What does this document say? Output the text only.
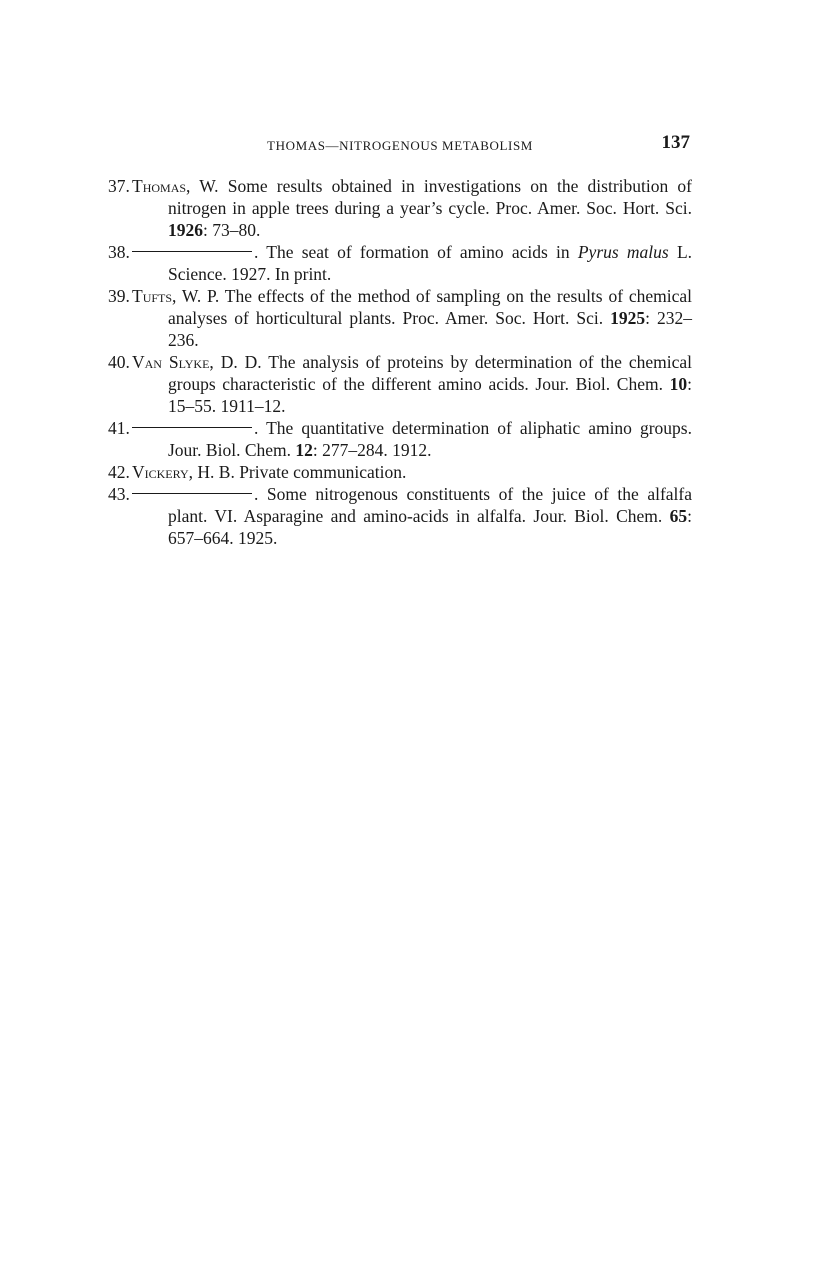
THOMAS—NITROGENOUS METABOLISM	137
37. Thomas, W. Some results obtained in investigations on the distribution of nitrogen in apple trees during a year’s cycle. Proc. Amer. Soc. Hort. Sci. 1926: 73–80.
38.	. The seat of formation of amino acids in Pyrus malus L. Science. 1927. In print.
39. Tufts, W. P. The effects of the method of sampling on the results of chemical analyses of horticultural plants. Proc. Amer. Soc. Hort. Sci. 1925: 232–236.
40. Van Slyke, D. D. The analysis of proteins by determination of the chemical groups characteristic of the different amino acids. Jour. Biol. Chem. 10: 15–55. 1911–12.
41.	. The quantitative determination of aliphatic amino groups. Jour. Biol. Chem. 12: 277–284. 1912.
42. Vickery, H. B. Private communication.
43.	. Some nitrogenous constituents of the juice of the alfalfa plant. VI. Asparagine and amino-acids in alfalfa. Jour. Biol. Chem. 65: 657–664. 1925.
